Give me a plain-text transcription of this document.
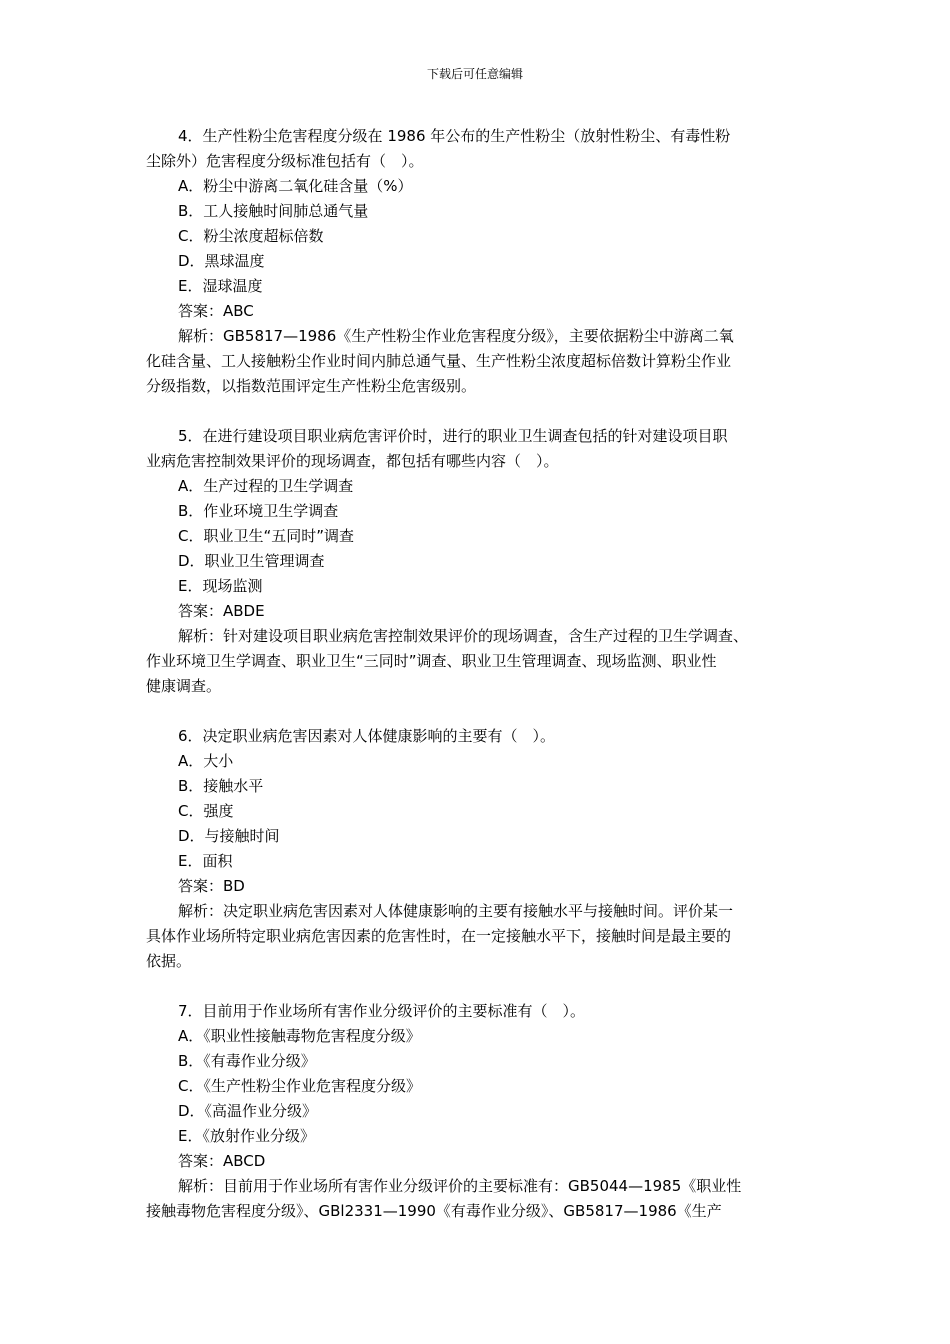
下载后可任意编辑
4．生产性粉尘危害程度分级在 1986 年公布的生产性粉尘（放射性粉尘、有毒性粉
尘除外）危害程度分级标准包括有（　）。
A．粉尘中游离二氧化硅含量（%）
B．工人接触时间肺总通气量
C．粉尘浓度超标倍数
D．黑球温度
E．湿球温度
答案：ABC
解析：GB5817—1986《生产性粉尘作业危害程度分级》，主要依据粉尘中游离二氧
化硅含量、工人接触粉尘作业时间内肺总通气量、生产性粉尘浓度超标倍数计算粉尘作业
分级指数，以指数范围评定生产性粉尘危害级别。
5．在进行建设项目职业病危害评价时，进行的职业卫生调查包括的针对建设项目职
业病危害控制效果评价的现场调查，都包括有哪些内容（　）。
A．生产过程的卫生学调查
B．作业环境卫生学调查
C．职业卫生“五同时”调查
D．职业卫生管理调查
E．现场监测
答案：ABDE
解析：针对建设项目职业病危害控制效果评价的现场调查，含生产过程的卫生学调查、
作业环境卫生学调查、职业卫生“三同时”调查、职业卫生管理调查、现场监测、职业性
健康调查。
6．决定职业病危害因素对人体健康影响的主要有（　）。
A．大小
B．接触水平
C．强度
D．与接触时间
E．面积
答案：BD
解析：决定职业病危害因素对人体健康影响的主要有接触水平与接触时间。评价某一
具体作业场所特定职业病危害因素的危害性时，在一定接触水平下，接触时间是最主要的
依据。
7．目前用于作业场所有害作业分级评价的主要标准有（　）。
A．《职业性接触毒物危害程度分级》
B．《有毒作业分级》
C．《生产性粉尘作业危害程度分级》
D．《高温作业分级》
E．《放射作业分级》
答案：ABCD
解析：目前用于作业场所有害作业分级评价的主要标准有：GB5044—1985《职业性
接触毒物危害程度分级》、GBl2331—1990《有毒作业分级》、GB5817—1986《生产
